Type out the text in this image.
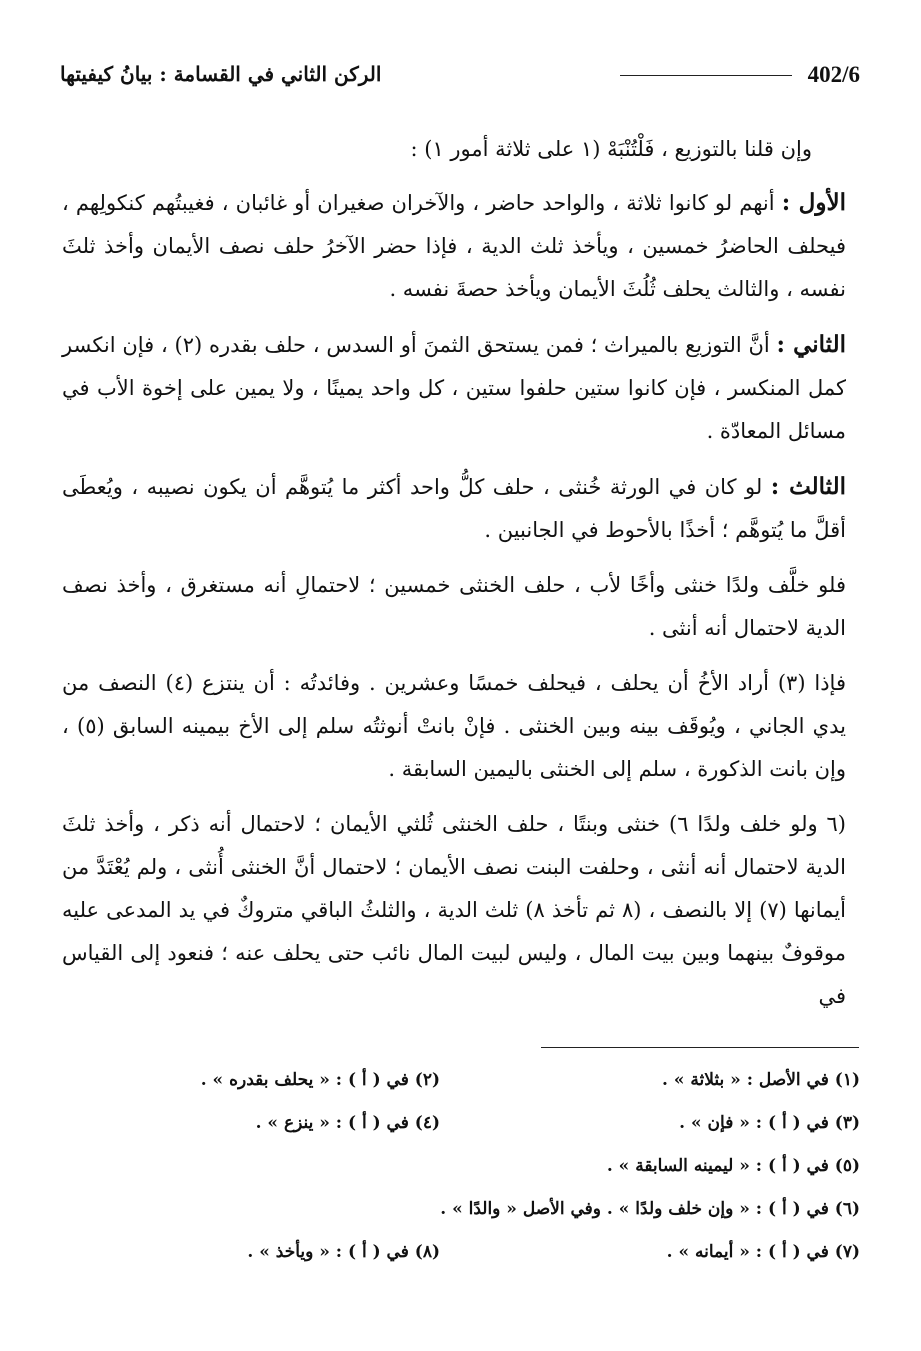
402/6
الركن الثاني في القسامة : بيانُ كيفيتها

وإن قلنا بالتوزيع ، فَلْتُنْبَهْ (١ على ثلاثة أمور ١) :

الأول : أنهم لو كانوا ثلاثة ، والواحد حاضر ، والآخران صغيران أو غائبان ، فغيبتُهم كنكولِهم ، فيحلف الحاضرُ خمسين ، ويأخذ ثلث الدية ، فإذا حضر الآخرُ حلف نصف الأيمان وأخذ ثلثَ نفسه ، والثالث يحلف ثُلُثَ الأيمان ويأخذ حصةَ نفسه .

الثاني : أنَّ التوزيع بالميراث ؛ فمن يستحق الثمنَ أو السدس ، حلف بقدره (٢) ، فإن انكسر كمل المنكسر ، فإن كانوا ستين حلفوا ستين ، كل واحد يمينًا ، ولا يمين على إخوة الأب في مسائل المعادّة .

الثالث : لو كان في الورثة خُنثى ، حلف كلُّ واحد أكثر ما يُتوهَّم أن يكون نصيبه ، ويُعطَى أقلَّ ما يُتوهَّم ؛ أخذًا بالأحوط في الجانبين .

فلو خلَّف ولدًا خنثى وأخًا لأب ، حلف الخنثى خمسين ؛ لاحتمالِ أنه مستغرق ، وأخذ نصف الدية لاحتمال أنه أنثى .

فإذا (٣) أراد الأخُ أن يحلف ، فيحلف خمسًا وعشرين . وفائدتُه : أن ينتزع (٤) النصف من يدي الجاني ، ويُوقَف بينه وبين الخنثى . فإنْ بانتْ أنوثتُه سلم إلى الأخ بيمينه السابق (٥) ، وإن بانت الذكورة ، سلم إلى الخنثى باليمين السابقة .

(٦ ولو خلف ولدًا ٦) خنثى وبنتًا ، حلف الخنثى ثُلثي الأيمان ؛ لاحتمال أنه ذكر ، وأخذ ثلثَ الدية لاحتمال أنه أنثى ، وحلفت البنت نصف الأيمان ؛ لاحتمال أنَّ الخنثى أُنثى ، ولم يُعْتَدَّ من أيمانها (٧) إلا بالنصف ، (٨ ثم تأخذ ٨) ثلث الدية ، والثلثُ الباقي متروكٌ في يد المدعى عليه موقوفٌ بينهما وبين بيت المال ، وليس لبيت المال نائب حتى يحلف عنه ؛ فنعود إلى القياس في

(١) في الأصل : « بثلاثة » .
(٢) في ( أ ) : « يحلف بقدره » .
(٣) في ( أ ) : « فإن » .
(٤) في ( أ ) : « ينزع » .
(٥) في ( أ ) : « ليمينه السابقة » .
(٦) في ( أ ) : « وإن خلف ولدًا » . وفي الأصل « والدًا » .
(٧) في ( أ ) : « أيمانه » .
(٨) في ( أ ) : « ويأخذ » .
